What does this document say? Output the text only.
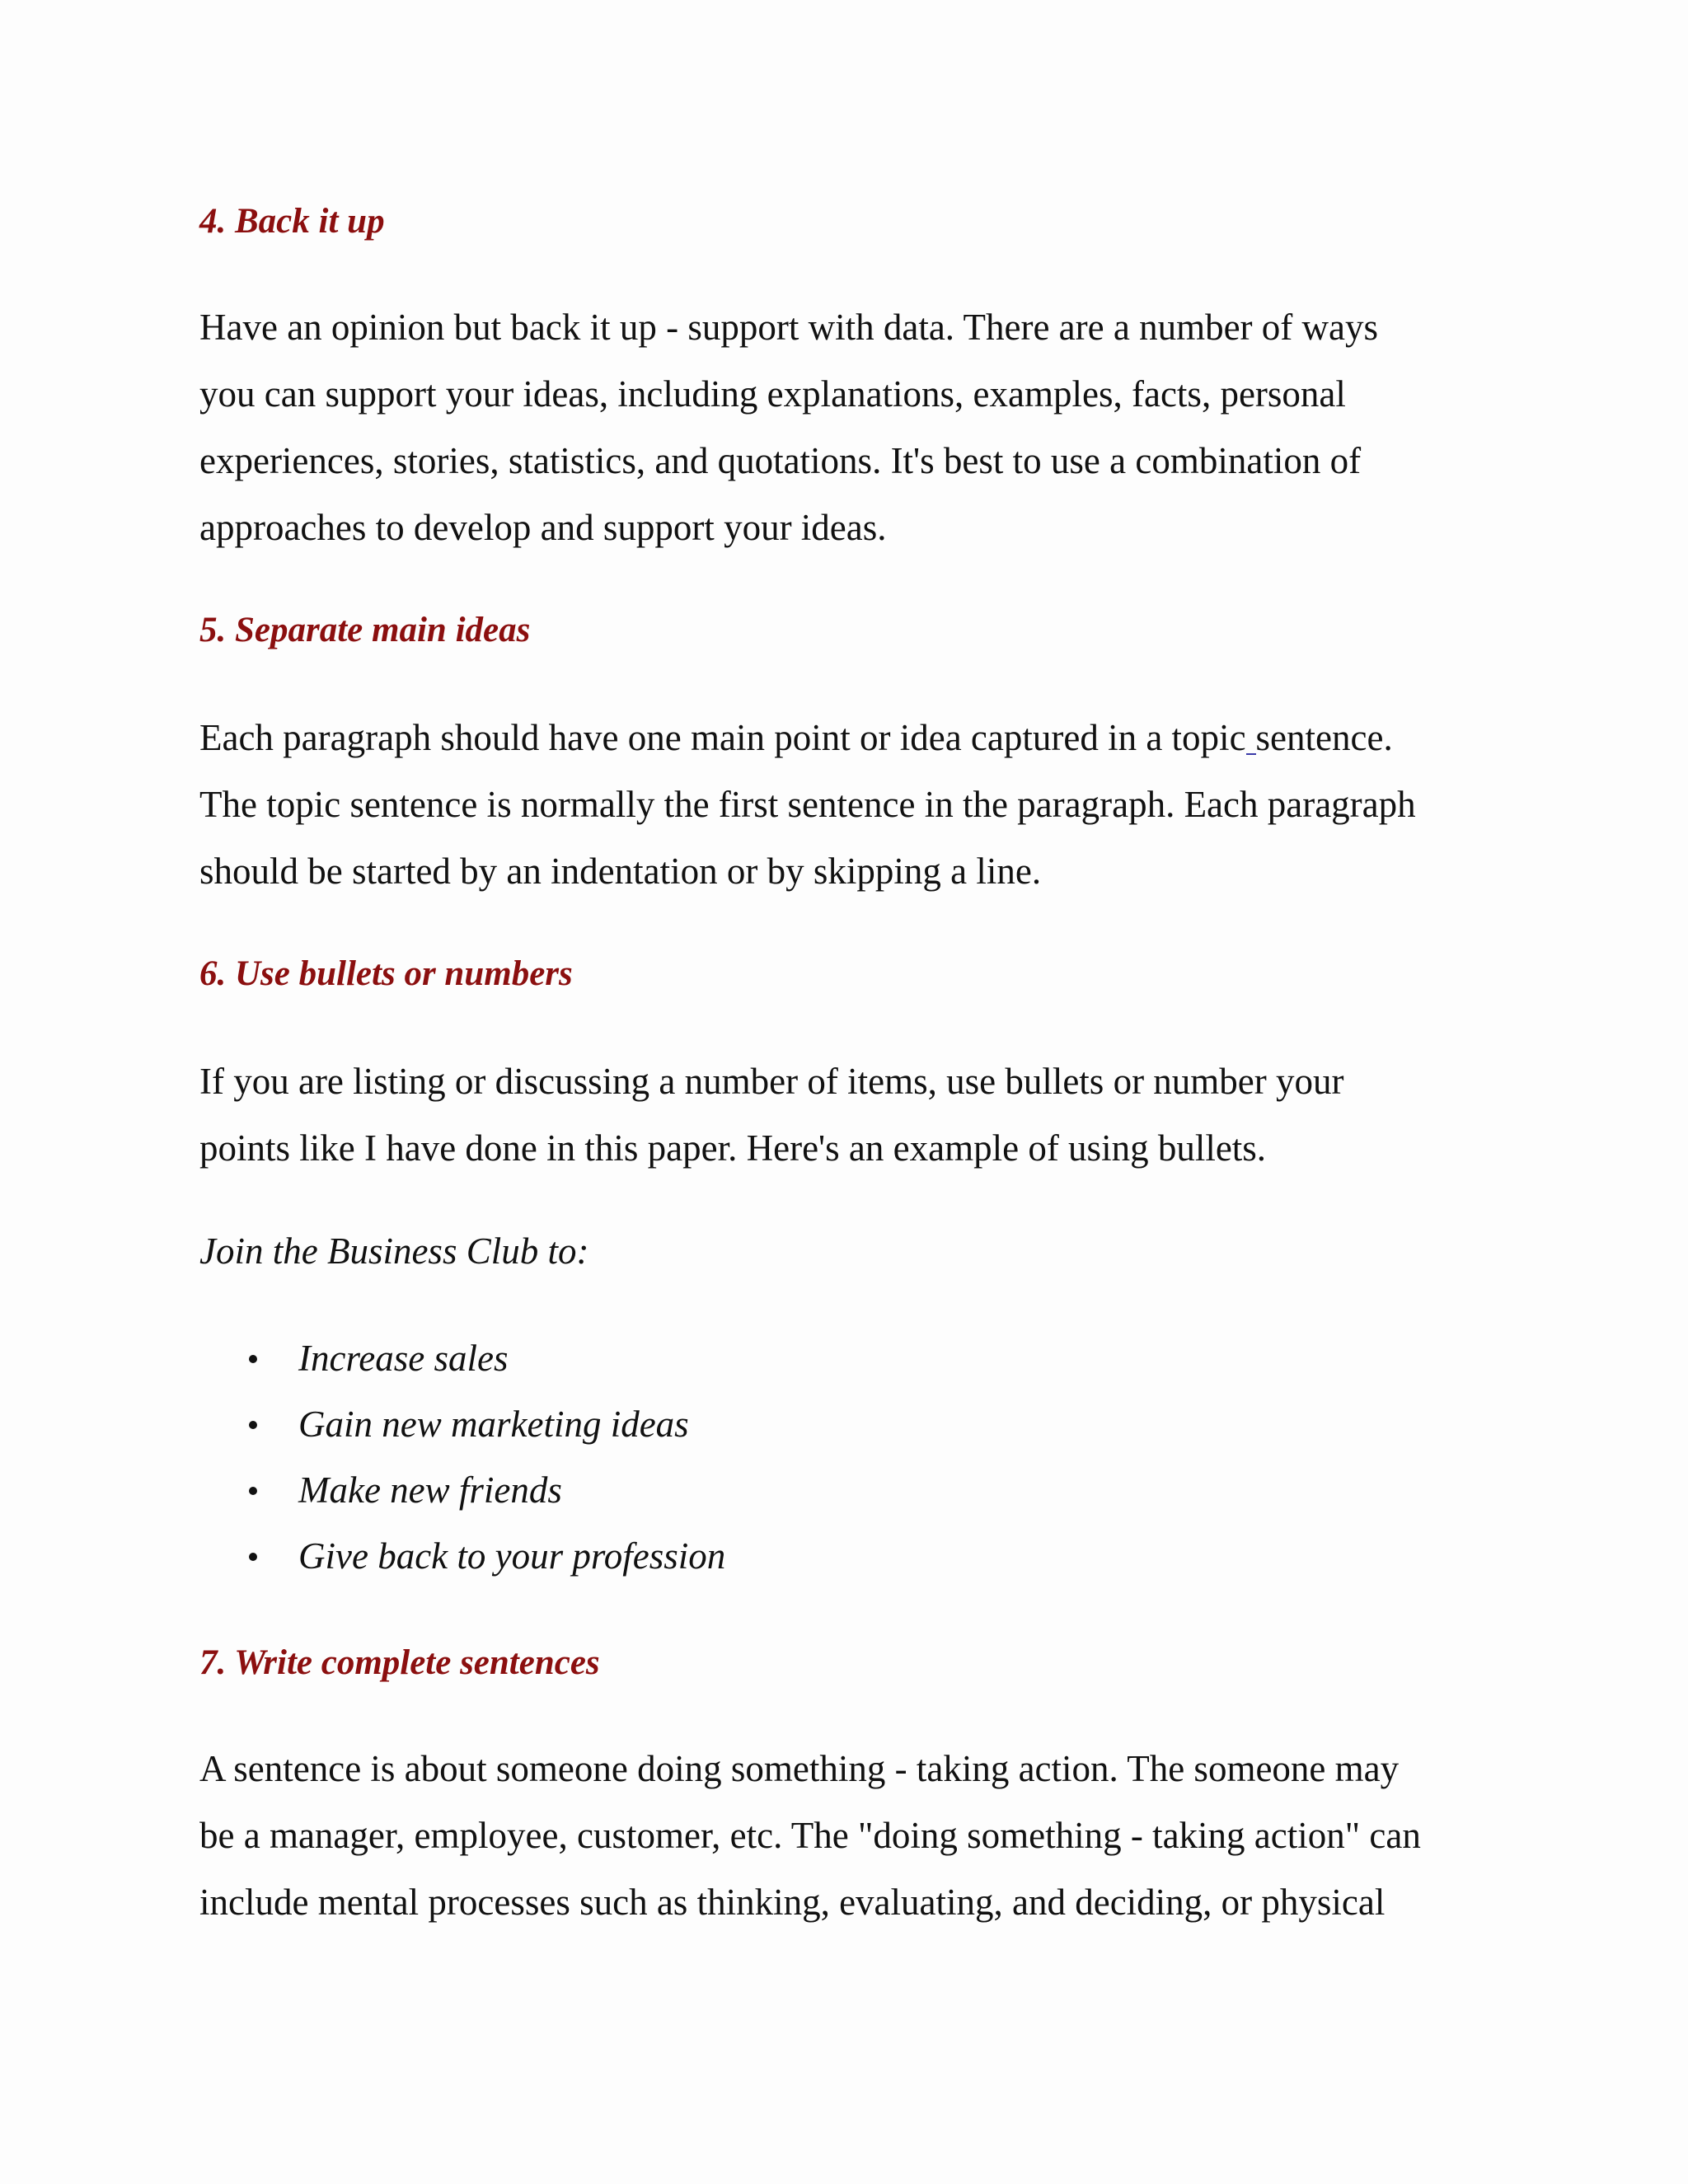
4. Back it up
Have an opinion but back it up - support with data. There are a number of ways
you can support your ideas, including explanations, examples, facts, personal
experiences, stories, statistics, and quotations. It's best to use a combination of
approaches to develop and support your ideas.
5. Separate main ideas
Each paragraph should have one main point or idea captured in a topic sentence.
The topic sentence is normally the first sentence in the paragraph. Each paragraph
should be started by an indentation or by skipping a line.
6. Use bullets or numbers
If you are listing or discussing a number of items, use bullets or number your
points like I have done in this paper. Here's an example of using bullets.
Join the Business Club to:
Increase sales
Gain new marketing ideas
Make new friends
Give back to your profession
7. Write complete sentences
A sentence is about someone doing something - taking action. The someone may
be a manager, employee, customer, etc. The "doing something - taking action" can
include mental processes such as thinking, evaluating, and deciding, or physical
